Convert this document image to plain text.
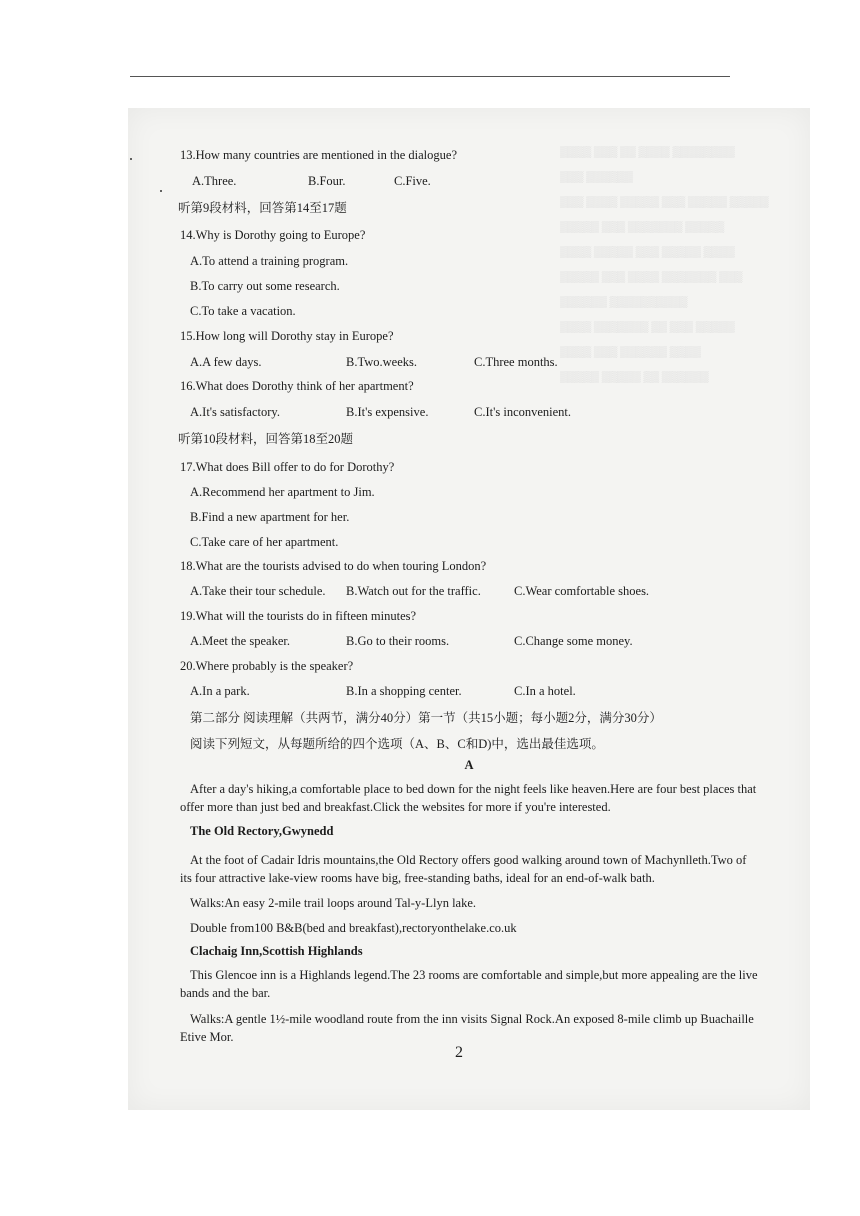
▒▒▒▒ ▒▒▒ ▒▒ ▒▒▒▒ ▒▒▒▒▒▒▒▒
▒▒▒ ▒▒▒▒▒▒
▒▒▒ ▒▒▒▒ ▒▒▒▒▒ ▒▒▒ ▒▒▒▒▒ ▒▒▒▒▒
▒▒▒▒▒ ▒▒▒ ▒▒▒▒▒▒▒ ▒▒▒▒▒
▒▒▒▒ ▒▒▒▒▒ ▒▒▒ ▒▒▒▒▒ ▒▒▒▒
▒▒▒▒▒ ▒▒▒ ▒▒▒▒ ▒▒▒▒▒▒▒ ▒▒▒
▒▒▒▒▒▒ ▒▒▒▒▒▒▒▒▒▒
▒▒▒▒ ▒▒▒▒▒▒▒ ▒▒ ▒▒▒ ▒▒▒▒▒
▒▒▒▒ ▒▒▒ ▒▒▒▒▒▒ ▒▒▒▒
▒▒▒▒▒ ▒▒▒▒▒ ▒▒ ▒▒▒▒▒▒
13.How many countries are mentioned in the dialogue?
A.Three.	B.Four.	C.Five.
听第9段材料，回答第14至17题
14.Why is Dorothy going to Europe?
A.To attend a training program.
B.To carry out some research.
C.To take a vacation.
15.How long will Dorothy stay in Europe?
A.A few days.	B.Two.weeks.	C.Three months.
16.What does Dorothy think of her apartment?
A.It's satisfactory.	B.It's expensive.	C.It's inconvenient.
听第10段材料，回答第18至20题
17.What does Bill offer to do for Dorothy?
A.Recommend her apartment to Jim.
B.Find a new apartment for her.
C.Take care of her apartment.
18.What are the tourists advised to do when touring London?
A.Take their tour schedule. B.Watch out for the traffic.	C.Wear comfortable shoes.
19.What will the tourists do in fifteen minutes?
A.Meet the speaker.	B.Go to their rooms.	C.Change some money.
20.Where probably is the speaker?
A.In a park.	B.In a shopping center.	C.In a hotel.
第二部分 阅读理解（共两节，满分40分）第一节（共15小题；每小题2分，满分30分）
阅读下列短文，从每题所给的四个选项（A、B、C和D)中，选出最佳选项。
A
After a day's hiking,a comfortable place to bed down for the night feels like heaven.Here are four best places that offer more than just bed and breakfast.Click the websites for more if you're interested.
The Old Rectory,Gwynedd
At the foot of Cadair Idris mountains,the Old Rectory offers good walking around town of Machynlleth.Two of its four attractive lake-view rooms have big, free-standing baths, ideal for an end-of-walk bath.
Walks:An easy 2-mile trail loops around Tal-y-Llyn lake.
Double from100 B&B(bed and breakfast),rectoryonthelake.co.uk
Clachaig Inn,Scottish Highlands
This Glencoe inn is a Highlands legend.The 23 rooms are comfortable and simple,but more appealing are the live bands and the bar.
Walks:A gentle 1½-mile woodland route from the inn visits Signal Rock.An exposed 8-mile climb up Buachaille Etive Mor.
2
